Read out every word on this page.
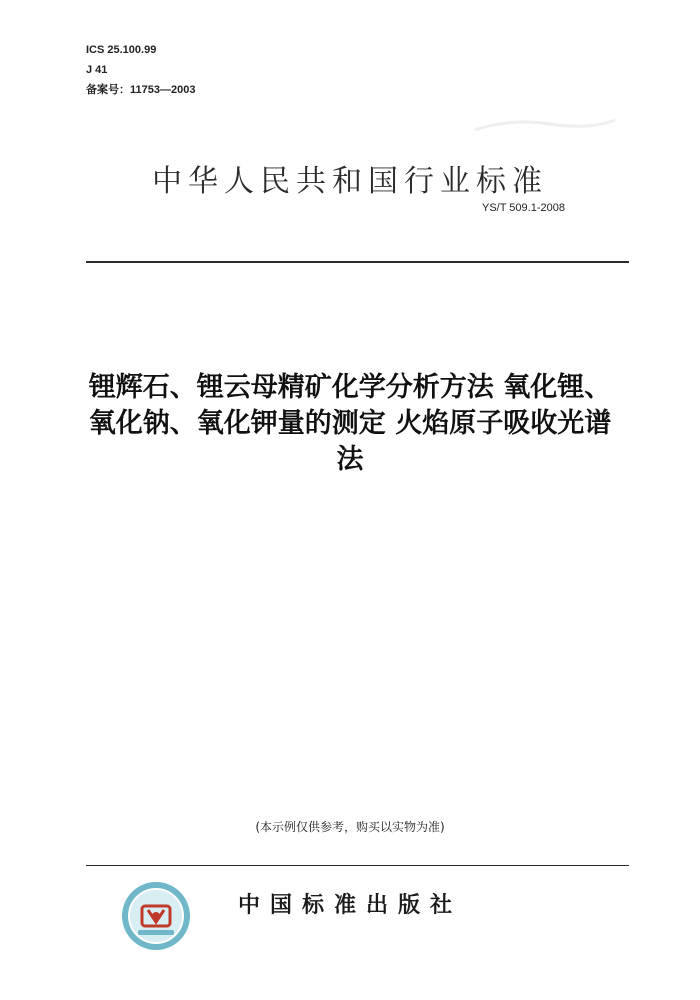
ICS 25.100.99
J 41
备案号：11753—2003
中华人民共和国行业标准
YS/T 509.1-2008
锂辉石、锂云母精矿化学分析方法 氧化锂、
氧化钠、氧化钾量的测定 火焰原子吸收光谱
法
(本示例仅供参考，购买以实物为准)
中国标准出版社
